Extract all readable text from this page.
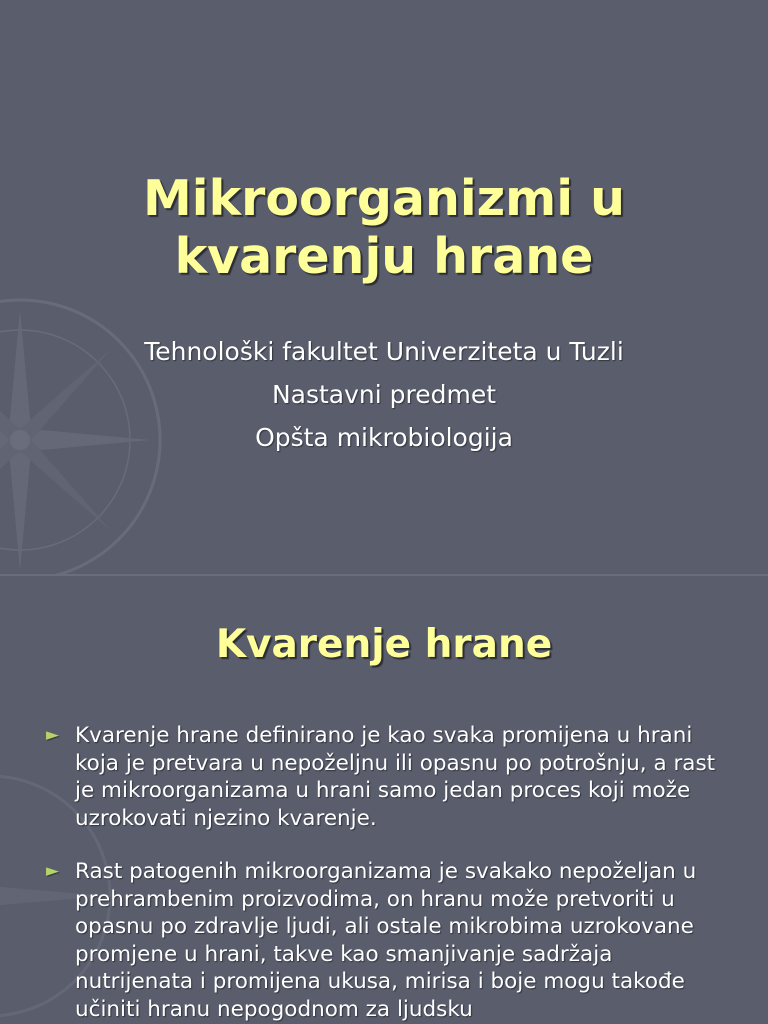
Mikroorganizmi u
kvarenju hrane
Tehnološki fakultet Univerziteta u Tuzli
Nastavni predmet
Opšta mikrobiologija
Kvarenje hrane
► Kvarenje hrane definirano je kao svaka promijena u hrani koja je pretvara u nepoželjnu ili opasnu po potrošnju, a rast je mikroorganizama u hrani samo jedan proces koji može uzrokovati njezino kvarenje.
► Rast patogenih mikroorganizama je svakako nepoželjan u prehrambenim proizvodima, on hranu može pretvoriti u opasnu po zdravlje ljudi, ali ostale mikrobima uzrokovane promjene u hrani, takve kao smanjivanje sadržaja nutrijenata i promijena ukusa, mirisa i boje mogu takođe učiniti hranu nepogodnom za ljudsku
